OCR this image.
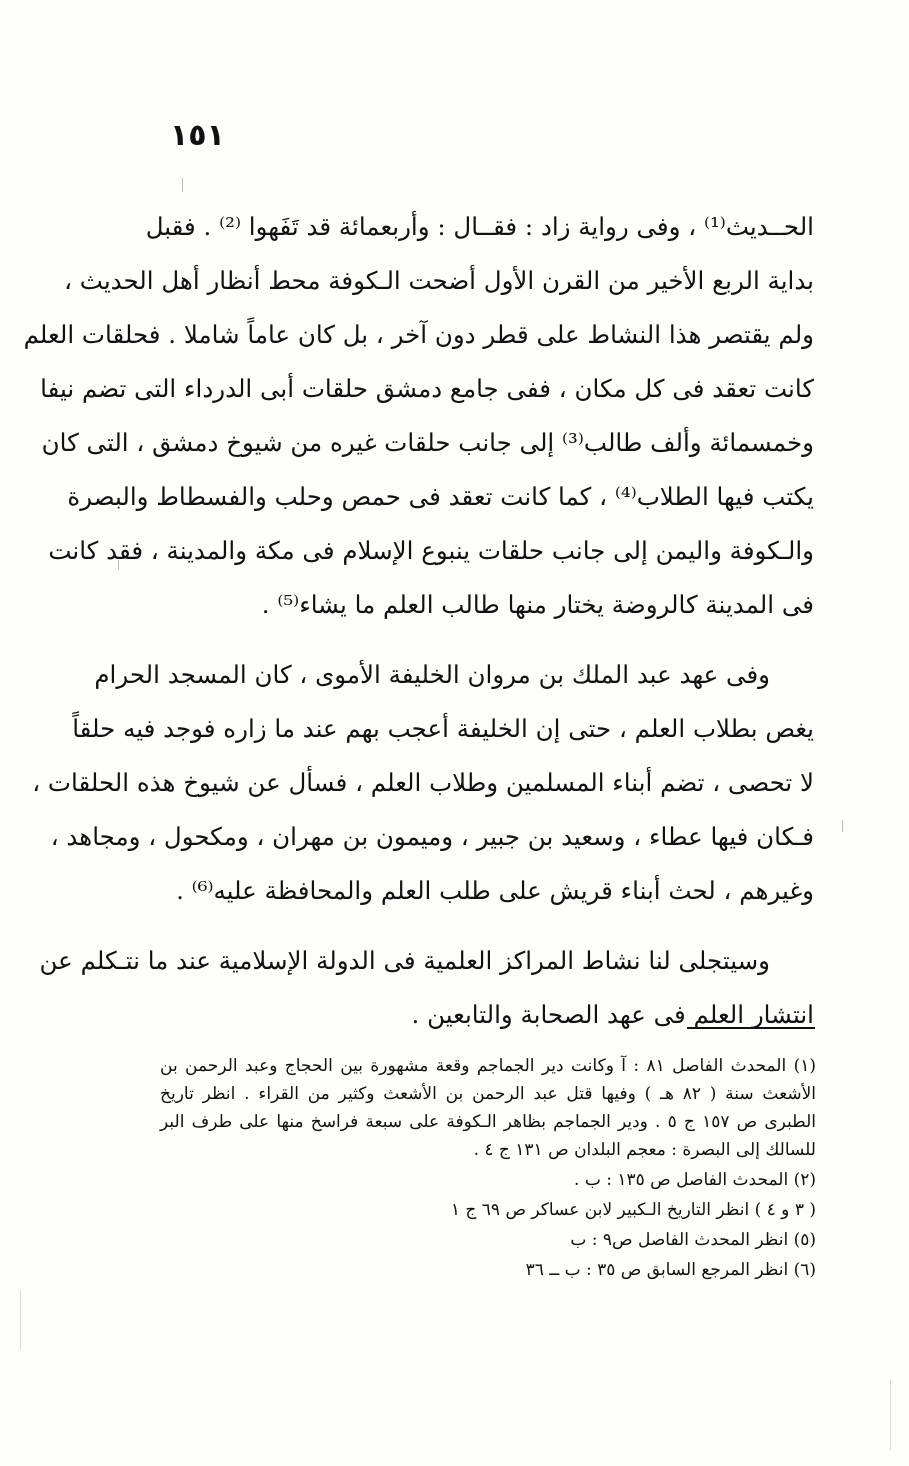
١٥١
الحــديث⁽¹⁾ ، وفى رواية زاد : فقــال : وأربعمائة قد تَفَهوا ⁽²⁾ . فقبل
بداية الربع الأخير من القرن الأول أضحت الـكوفة محط أنظار أهل الحديث ،
ولم يقتصر هذا النشاط على قطر دون آخر ، بل كان عاماً شاملا . فحلقات العلم
كانت تعقد فى كل مكان ، ففى جامع دمشق حلقات أبى الدرداء التى تضم نيفا
وخمسمائة وألف طالب⁽³⁾ إلى جانب حلقات غيره من شيوخ دمشق ، التى كان
يكتب فيها الطلاب⁽⁴⁾ ، كما كانت تعقد فى حمص وحلب والفسطاط والبصرة
والـكوفة واليمن إلى جانب حلقات ينبوع الإسلام فى مكة والمدينة ، فقد كانت
فى المدينة كالروضة يختار منها طالب العلم ما يشاء⁽⁵⁾ .
وفى عهد عبد الملك بن مروان الخليفة الأموى ، كان المسجد الحرام
يغص بطلاب العلم ، حتى إن الخليفة أعجب بهم عند ما زاره فوجد فيه حلقاً
لا تحصى ، تضم أبناء المسلمين وطلاب العلم ، فسأل عن شيوخ هذه الحلقات ،
فـكان فيها عطاء ، وسعيد بن جبير ، وميمون بن مهران ، ومكحول ، ومجاهد ،
وغيرهم ، لحث أبناء قريش على طلب العلم والمحافظة عليه⁽⁶⁾ .
وسيتجلى لنا نشاط المراكز العلمية فى الدولة الإسلامية عند ما نتـكلم عن
انتشار العلم فى عهد الصحابة والتابعين .
(١) المحدث الفاصل ٨١ : آ وكانت دير الجماجم وقعة مشهورة بين الحجاج وعبد الرحمن بن
الأشعث سنة ( ٨٢ هـ ) وفيها قتل عبد الرحمن بن الأشعث وكثير من القراء . انظر تاريخ
الطبرى ص ١٥٧ ج ٥ . ودير الجماجم بظاهر الـكوفة على سبعة فراسخ منها على طرف البر
للسالك إلى البصرة : معجم البلدان ص ١٣١ ج ٤ .
(٢) المحدث الفاصل ص ١٣٥ : ب .
( ٣ و ٤ ) انظر التاريخ الـكبير لابن عساكر ص ٦٩ ج ١
(٥) انظر المحدث الفاصل ص٩ : ب
(٦) انظر المرجع السابق ص ٣٥ : ب ــ ٣٦
